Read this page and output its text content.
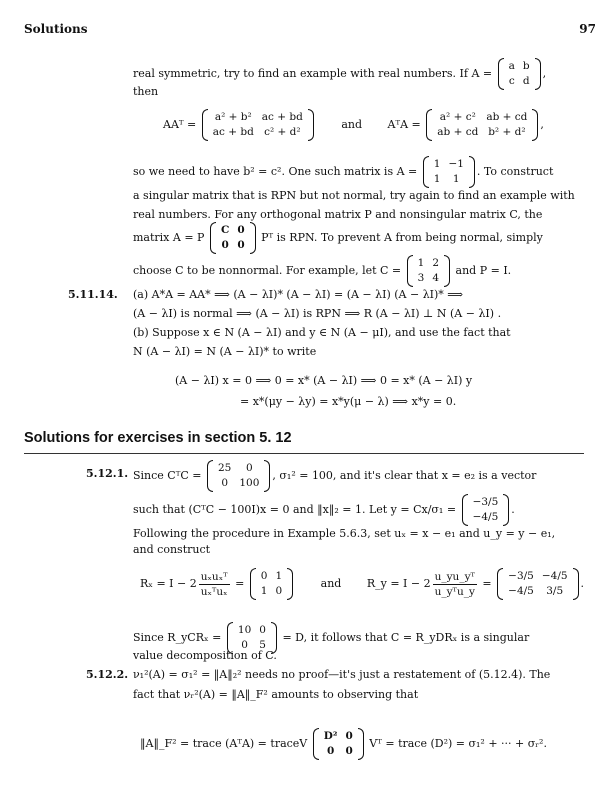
Solutions	97
real symmetric, try to find an example with real numbers. If A =
a	b
c	d
,
then
AAᵀ =
a² + b²	ac + bd
ac + bd	c² + d²
and AᵀA =
a² + c²	ab + cd
ab + cd	b² + d²
,
so we need to have b² = c². One such matrix is A =
1	−1
1	1
. To construct
a singular matrix that is RPN but not normal, try again to find an example with
real numbers. For any orthogonal matrix P and nonsingular matrix C, the
matrix A = P
C	0
0	0
Pᵀ is RPN. To prevent A from being normal, simply
choose C to be nonnormal. For example, let C =
1	2
3	4
and P = I.
5.11.14. (a) A*A = AA* ⟹ (A − λI)* (A − λI) = (A − λI) (A − λI)* ⟹
(A − λI) is normal ⟹ (A − λI) is RPN ⟹ R (A − λI) ⊥ N (A − λI) .
(b) Suppose x ∈ N (A − λI) and y ∈ N (A − μI), and use the fact that
N (A − λI) = N (A − λI)* to write
(A − λI) x = 0 ⟹ 0 = x* (A − λI) ⟹ 0 = x* (A − λI) y
= x*(μy − λy) = x*y(μ − λ) ⟹ x*y = 0.
Solutions for exercises in section 5. 12
5.12.1. Since CᵀC =
25	0
0	100
, σ₁² = 100, and it's clear that x = e₂ is a vector
such that (CᵀC − 100I)x = 0 and ‖x‖₂ = 1. Let y = Cx/σ₁ =
−3/5
−4/5
.
Following the procedure in Example 5.6.3, set uₓ = x − e₁ and u_y = y − e₁,
and construct
$R_x = I - 2 \frac{\text{uₓuₓᵀ}}{\text{uₓᵀuₓ}}$ =
0	1
1	0
and R_y = $I - 2 \frac{\text{u\_yu\_yᵀ}}{\text{u\_yᵀu\_y}}$ =
−3/5	−4/5
−4/5	3/5
.
Since R_yCRₓ =
10	0
0	5
= D, it follows that C = R_yDRₓ is a singular
value decomposition of C.
5.12.2. ν₁²(A) = σ₁² = ‖A‖₂² needs no proof—it's just a restatement of (5.12.4). The
fact that νᵣ²(A) = ‖A‖_F² amounts to observing that
‖A‖_F² = trace (AᵀA) = traceV
D²	0
0	0
Vᵀ = trace (D²) = σ₁² + ··· + σᵣ².
